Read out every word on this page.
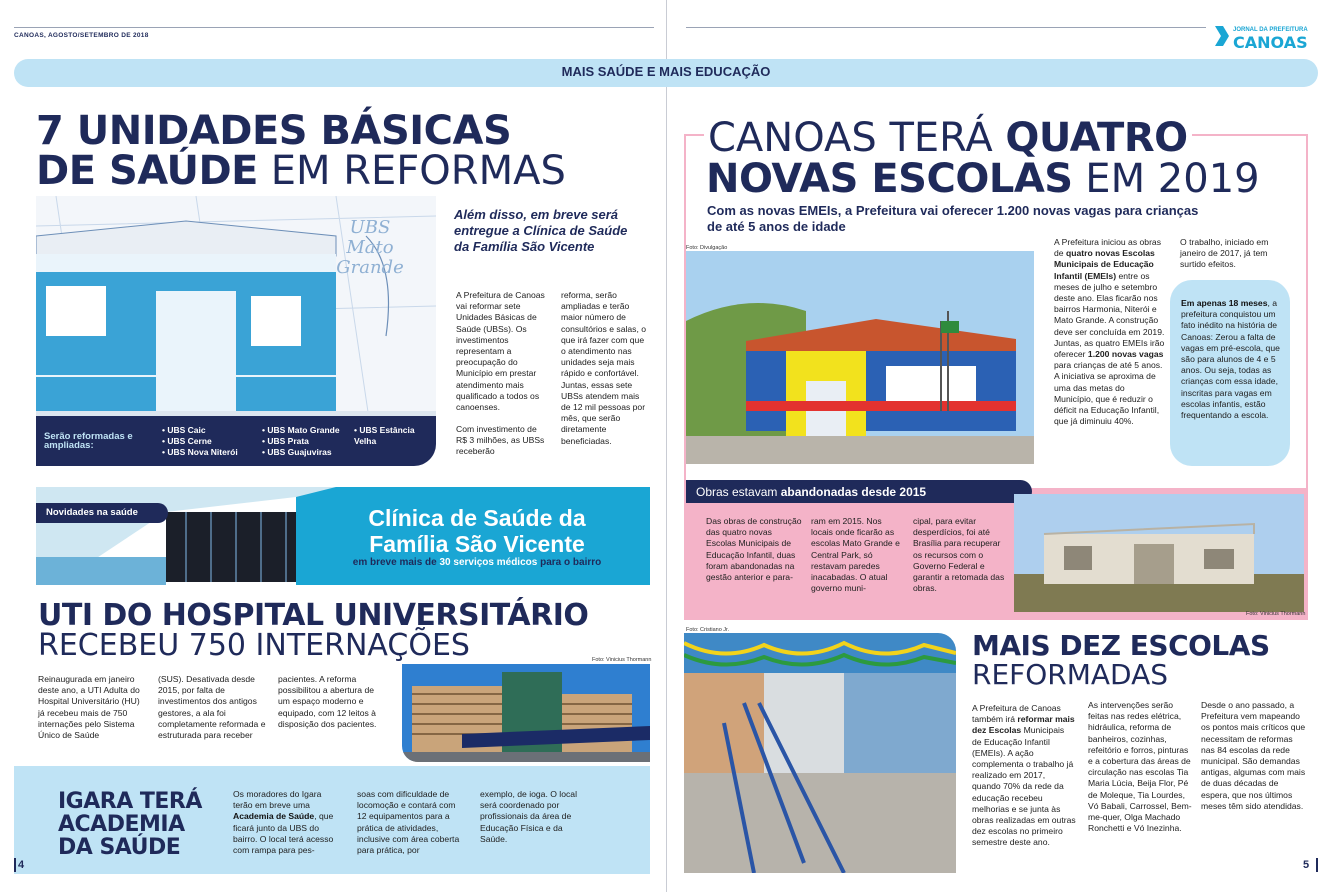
CANOAS, AGOSTO/SETEMBRO DE 2018
JORNAL DA PREFEITURA
CANOAS
MAIS SAÚDE E MAIS EDUCAÇÃO
7 UNIDADES BÁSICAS
DE SAÚDE EM REFORMAS
UBS Mato Grande
Serão reformadas e ampliadas:
• UBS Caic
• UBS Cerne
• UBS Nova Niterói
• UBS Mato Grande
• UBS Prata
• UBS Guajuviras
• UBS Estância Velha
Além disso, em breve será entregue a Clínica de Saúde da Família São Vicente
A Prefeitura de Canoas vai reformar sete Unidades Básicas de Saúde (UBSs). Os investimentos representam a preocupação do Município em prestar atendimento mais qualificado a todos os canoenses.
Com investimento de R$ 3 milhões, as UBSs receberão
reforma, serão ampliadas e terão maior número de consultórios e salas, o que irá fazer com que o atendimento nas unidades seja mais rápido e confortável. Juntas, essas sete UBSs atendem mais de 12 mil pessoas por mês, que serão diretamente beneficiadas.
Novidades na saúde	Clínica de Saúde da
Família São Vicente
em breve mais de 30 serviços médicos para o bairro
UTI DO HOSPITAL UNIVERSITÁRIO
RECEBEU 750 INTERNAÇÕES
Reinaugurada em janeiro deste ano, a UTI Adulta do Hospital Universitário (HU) já recebeu mais de 750 internações pelo Sistema Único de Saúde
(SUS). Desativada desde 2015, por falta de investimentos dos antigos gestores, a ala foi completamente reformada e estruturada para receber
pacientes. A reforma possibilitou a abertura de um espaço moderno e equipado, com 12 leitos à disposição dos pacientes.
Foto: Vinicius Thormann
IGARA TERÁ
ACADEMIA
DA SAÚDE
Os moradores do Igara terão em breve uma Academia de Saúde, que ficará junto da UBS do bairro. O local terá acesso com rampa para pes-
soas com dificuldade de locomoção e contará com 12 equipamentos para a prática de atividades, inclusive com área coberta para prática, por
exemplo, de ioga. O local será coordenado por profissionais da área de Educação Física e da Saúde.
4
CANOAS TERÁ QUATRO
NOVAS ESCOLAS EM 2019
Com as novas EMEIs, a Prefeitura vai oferecer 1.200 novas vagas para crianças de até 5 anos de idade
Foto: Divulgação
A Prefeitura iniciou as obras de quatro novas Escolas Municipais de Educação Infantil (EMEIs) entre os meses de julho e setembro deste ano. Elas ficarão nos bairros Harmonia, Niterói e Mato Grande. A construção deve ser concluída em 2019. Juntas, as quatro EMEIs irão oferecer 1.200 novas vagas para crianças de até 5 anos. A iniciativa se aproxima de uma das metas do Município, que é reduzir o déficit na Educação Infantil, que já diminuiu 40%.
O trabalho, iniciado em janeiro de 2017, já tem surtido efeitos.
Em apenas 18 meses, a prefeitura conquistou um fato inédito na história de Canoas: Zerou a falta de vagas em pré-escola, que são para alunos de 4 e 5 anos. Ou seja, todas as crianças com essa idade, inscritas para vagas em escolas infantis, estão frequentando a escola.
Obras estavam abandonadas desde 2015
Das obras de construção das quatro novas Escolas Municipais de Educação Infantil, duas foram abandonadas na gestão anterior e para-
ram em 2015. Nos locais onde ficarão as escolas Mato Grande e Central Park, só restavam paredes inacabadas. O atual governo muni-
cipal, para evitar desperdícios, foi até Brasília para recuperar os recursos com o Governo Federal e garantir a retomada das obras.
Foto: Vinicius Thormann
Foto: Cristiano Jr.	MAIS DEZ ESCOLAS
REFORMADAS
A Prefeitura de Canoas também irá reformar mais dez Escolas Municipais de Educação Infantil (EMEIs). A ação complementa o trabalho já realizado em 2017, quando 70% da rede da educação recebeu melhorias e se junta às obras realizadas em outras dez escolas no primeiro semestre deste ano.
As intervenções serão feitas nas redes elétrica, hidráulica, reforma de banheiros, cozinhas, refeitório e forros, pinturas e a cobertura das áreas de circulação nas escolas Tia Maria Lúcia, Beija Flor, Pé de Moleque, Tia Lourdes, Vó Babali, Carrossel, Bem-me-quer, Olga Machado Ronchetti e Vó Inezinha.
Desde o ano passado, a Prefeitura vem mapeando os pontos mais críticos que necessitam de reformas nas 84 escolas da rede municipal. São demandas antigas, algumas com mais de duas décadas de espera, que nos últimos meses têm sido atendidas.
5
